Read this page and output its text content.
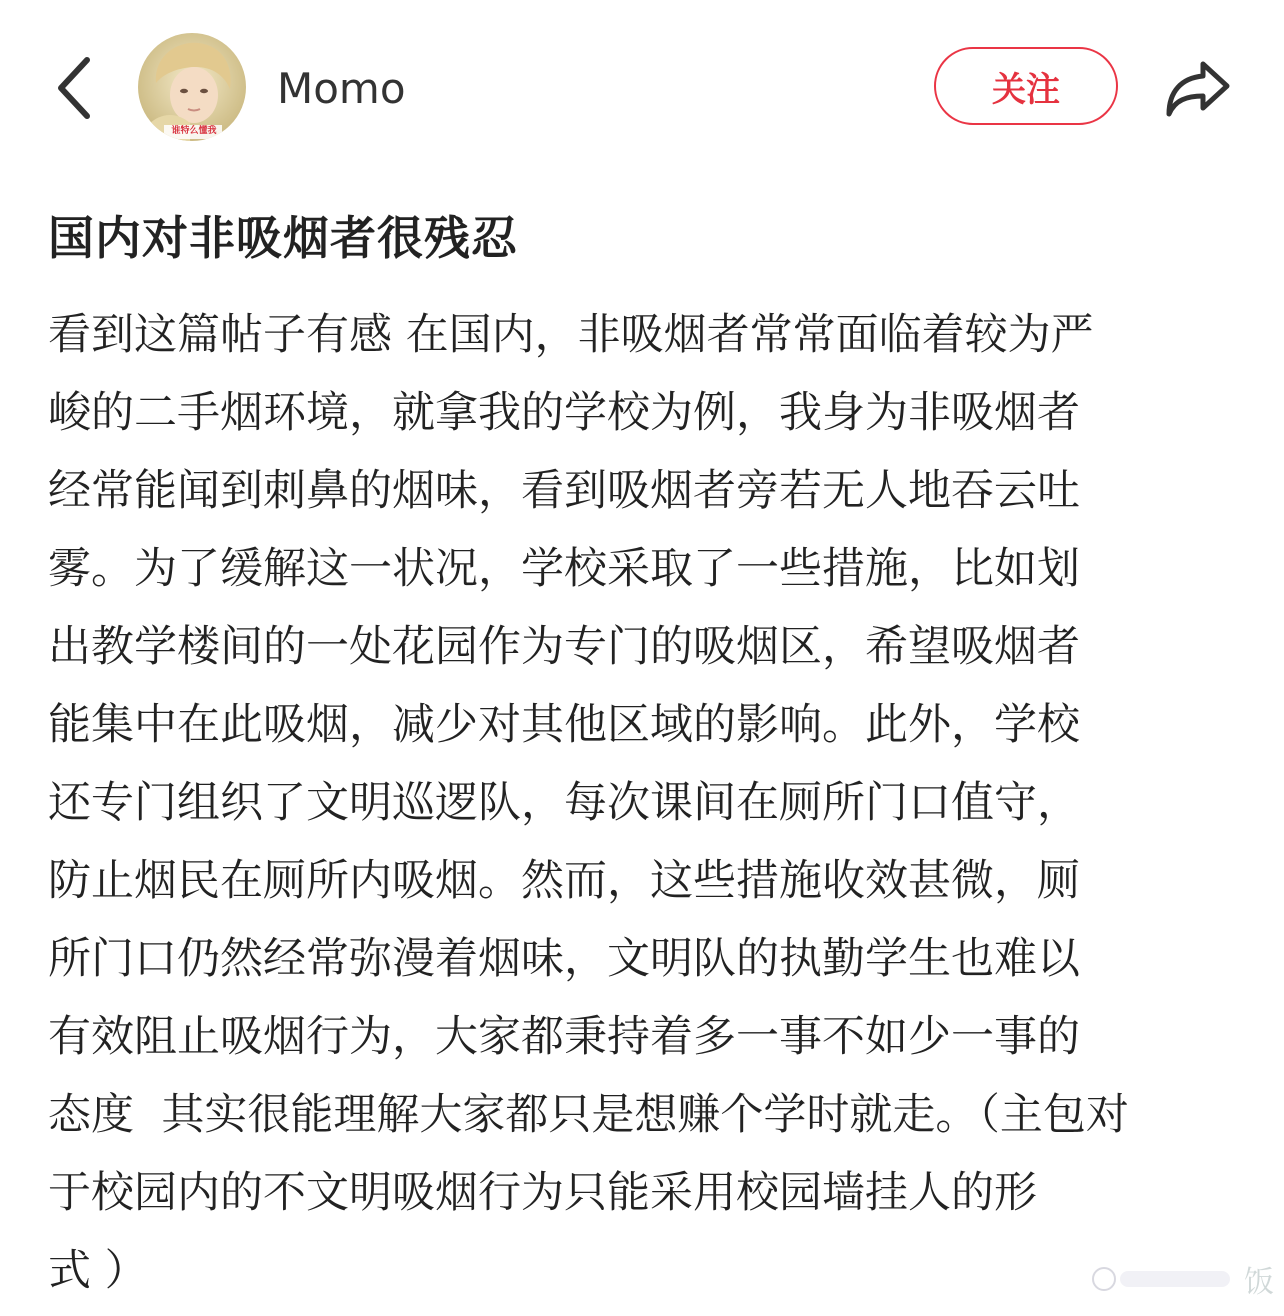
谁特么懂我
Momo	关注
国内对非吸烟者很残忍

看到这篇帖子有感 在国内，非吸烟者常常面临着较为严
峻的二手烟环境，就拿我的学校为例，我身为非吸烟者
经常能闻到刺鼻的烟味，看到吸烟者旁若无人地吞云吐
雾。为了缓解这一状况，学校采取了一些措施，比如划
出教学楼间的一处花园作为专门的吸烟区，希望吸烟者
能集中在此吸烟，减少对其他区域的影响。此外，学校
还专门组织了文明巡逻队，每次课间在厕所门口值守，
防止烟民在厕所内吸烟。然而，这些措施收效甚微，厕
所门口仍然经常弥漫着烟味，文明队的执勤学生也难以
有效阻止吸烟行为，大家都秉持着多一事不如少一事的
态度  其实很能理解大家都只是想赚个学时就走。（主包对
于校园内的不文明吸烟行为只能采用校园墙挂人的形
式 ）	饭
